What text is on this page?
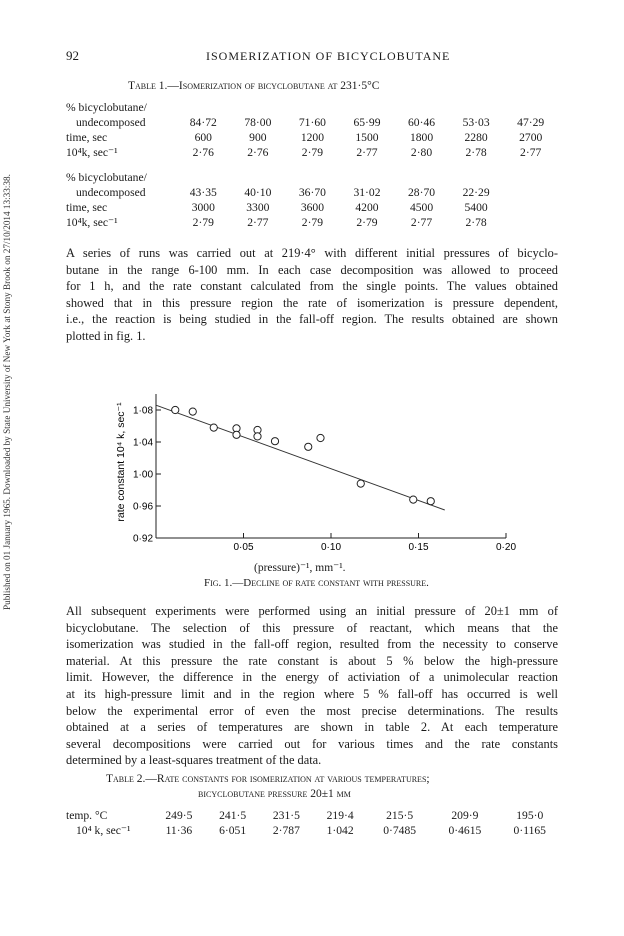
Published on 01 January 1965. Downloaded by State University of New York at Stony Brook on 27/10/2014 13:33:38.
92	ISOMERIZATION OF BICYCLOBUTANE
Table 1.—Isomerization of bicyclobutane at 231·5°C
% bicyclobutane/							
undecomposed	84·72	78·00	71·60	65·99	60·46	53·03	47·29
time, sec	600	900	1200	1500	1800	2280	2700
10⁴k, sec⁻¹	2·76	2·76	2·79	2·77	2·80	2·78	2·77

% bicyclobutane/							
undecomposed	43·35	40·10	36·70	31·02	28·70	22·29	
time, sec	3000	3300	3600	4200	4500	5400	
10⁴k, sec⁻¹	2·79	2·77	2·79	2·79	2·77	2·78	
A series of runs was carried out at 219·4° with different initial pressures of bicyclo-
butane in the range 6-100 mm. In each case decomposition was allowed to proceed
for 1 h, and the rate constant calculated from the single points. The values obtained
showed that in this pressure region the rate of isomerization is pressure dependent,
i.e., the reaction is being studied in the fall-off region. The results obtained are shown
plotted in fig. 1.
0·92
0·96
1·00
1·04
1·08
0·05	0·10	0·15	0·20
rate constant 10⁴ k, sec⁻¹
(pressure)⁻¹, mm⁻¹.
Fig. 1.—Decline of rate constant with pressure.
All subsequent experiments were performed using an initial pressure of 20±1 mm of
bicyclobutane. The selection of this pressure of reactant, which means that the
isomerization was studied in the fall-off region, resulted from the necessity to conserve
material. At this pressure the rate constant is about 5 % below the high-pressure
limit. However, the difference in the energy of activiation of a unimolecular reaction
at its high-pressure limit and in the region where 5 % fall-off has occurred is well
below the experimental error of even the most precise determinations. The results
obtained at a series of temperatures are shown in table 2. At each temperature
several decompositions were carried out for various times and the rate constants
determined by a least-squares treatment of the data.
Table 2.—Rate constants for isomerization at various temperatures;
bicyclobutane pressure 20±1 mm
temp. °C	249·5	241·5	231·5	219·4	215·5	209·9	195·0
10⁴ k, sec⁻¹	11·36	6·051	2·787	1·042	0·7485	0·4615	0·1165
